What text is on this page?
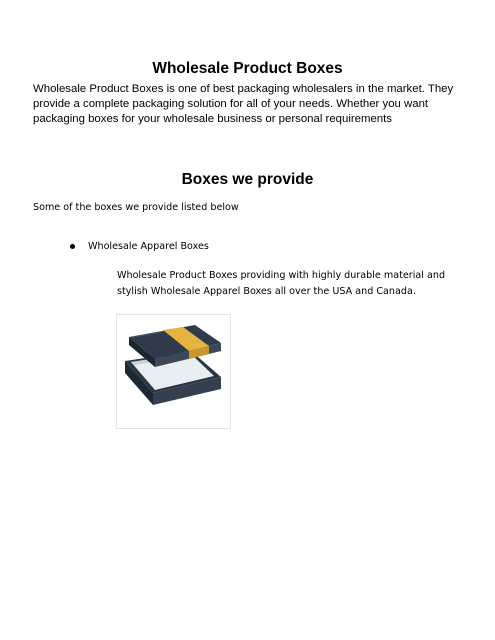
Wholesale Product Boxes

Wholesale Product Boxes is one of best packaging wholesalers in the market. They provide a complete packaging solution for all of your needs. Whether you want packaging boxes for your wholesale business or personal requirements

Boxes we provide
Some of the boxes we provide listed below
Wholesale Apparel Boxes

Wholesale Product Boxes providing with highly durable material and stylish Wholesale Apparel Boxes all over the USA and Canada.
